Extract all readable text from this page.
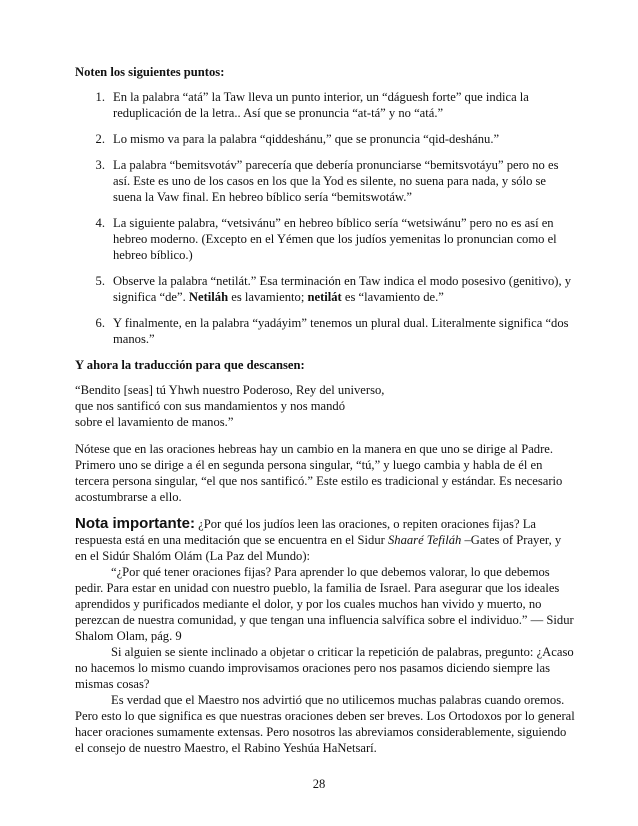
Noten los siguientes puntos:

1. En la palabra “atá” la Taw lleva un punto interior, un “dáguesh forte” que indica la reduplicación de la letra.. Así que se pronuncia “at-tá” y no “atá.”
2. Lo mismo va para la palabra “qiddeshánu,” que se pronuncia “qid-deshánu.”
3. La palabra “bemitsvotáv” parecería que debería pronunciarse “bemitsvotáyu” pero no es así. Este es uno de los casos en los que la Yod es silente, no suena para nada, y sólo se suena la Vaw final. En hebreo bíblico sería “bemitswotáw.”
4. La siguiente palabra, “vetsivánu” en hebreo bíblico sería “wetsiwánu” pero no es así en hebreo moderno. (Excepto en el Yémen que los judíos yemenitas lo pronuncian como el hebreo bíblico.)
5. Observe la palabra “netilát.” Esa terminación en Taw indica el modo posesivo (genitivo), y significa “de”. Netiláh es lavamiento; netilát es “lavamiento de.”
6. Y finalmente, en la palabra “yadáyim” tenemos un plural dual. Literalmente significa “dos manos.”

Y ahora la traducción para que descansen:

“Bendito [seas] tú Yhwh nuestro Poderoso, Rey del universo,
que nos santificó con sus mandamientos y nos mandó
sobre el lavamiento de manos.”

Nótese que en las oraciones hebreas hay un cambio en la manera en que uno se dirige al Padre. Primero uno se dirige a él en segunda persona singular, “tú,” y luego cambia y habla de él en tercera persona singular, “el que nos santificó.” Este estilo es tradicional y estándar. Es necesario acostumbrarse a ello.

Nota importante: ¿Por qué los judíos leen las oraciones, o repiten oraciones fijas? La respuesta está en una meditación que se encuentra en el Sidur Shaaré Tefiláh –Gates of Prayer, y en el Sidúr Shalóm Olám (La Paz del Mundo):

“¿Por qué tener oraciones fijas? Para aprender lo que debemos valorar, lo que debemos pedir. Para estar en unidad con nuestro pueblo, la familia de Israel. Para asegurar que los ideales aprendidos y purificados mediante el dolor, y por los cuales muchos han vivido y muerto, no perezcan de nuestra comunidad, y que tengan una influencia salvífica sobre el individuo.” — Sidur Shalom Olam, pág. 9

Si alguien se siente inclinado a objetar o criticar la repetición de palabras, pregunto: ¿Acaso no hacemos lo mismo cuando improvisamos oraciones pero nos pasamos diciendo siempre las mismas cosas?

Es verdad que el Maestro nos advirtió que no utilicemos muchas palabras cuando oremos. Pero esto lo que significa es que nuestras oraciones deben ser breves. Los Ortodoxos por lo general hacer oraciones sumamente extensas. Pero nosotros las abreviamos considerablemente, siguiendo el consejo de nuestro Maestro, el Rabino Yeshúa HaNetsarí.

28
